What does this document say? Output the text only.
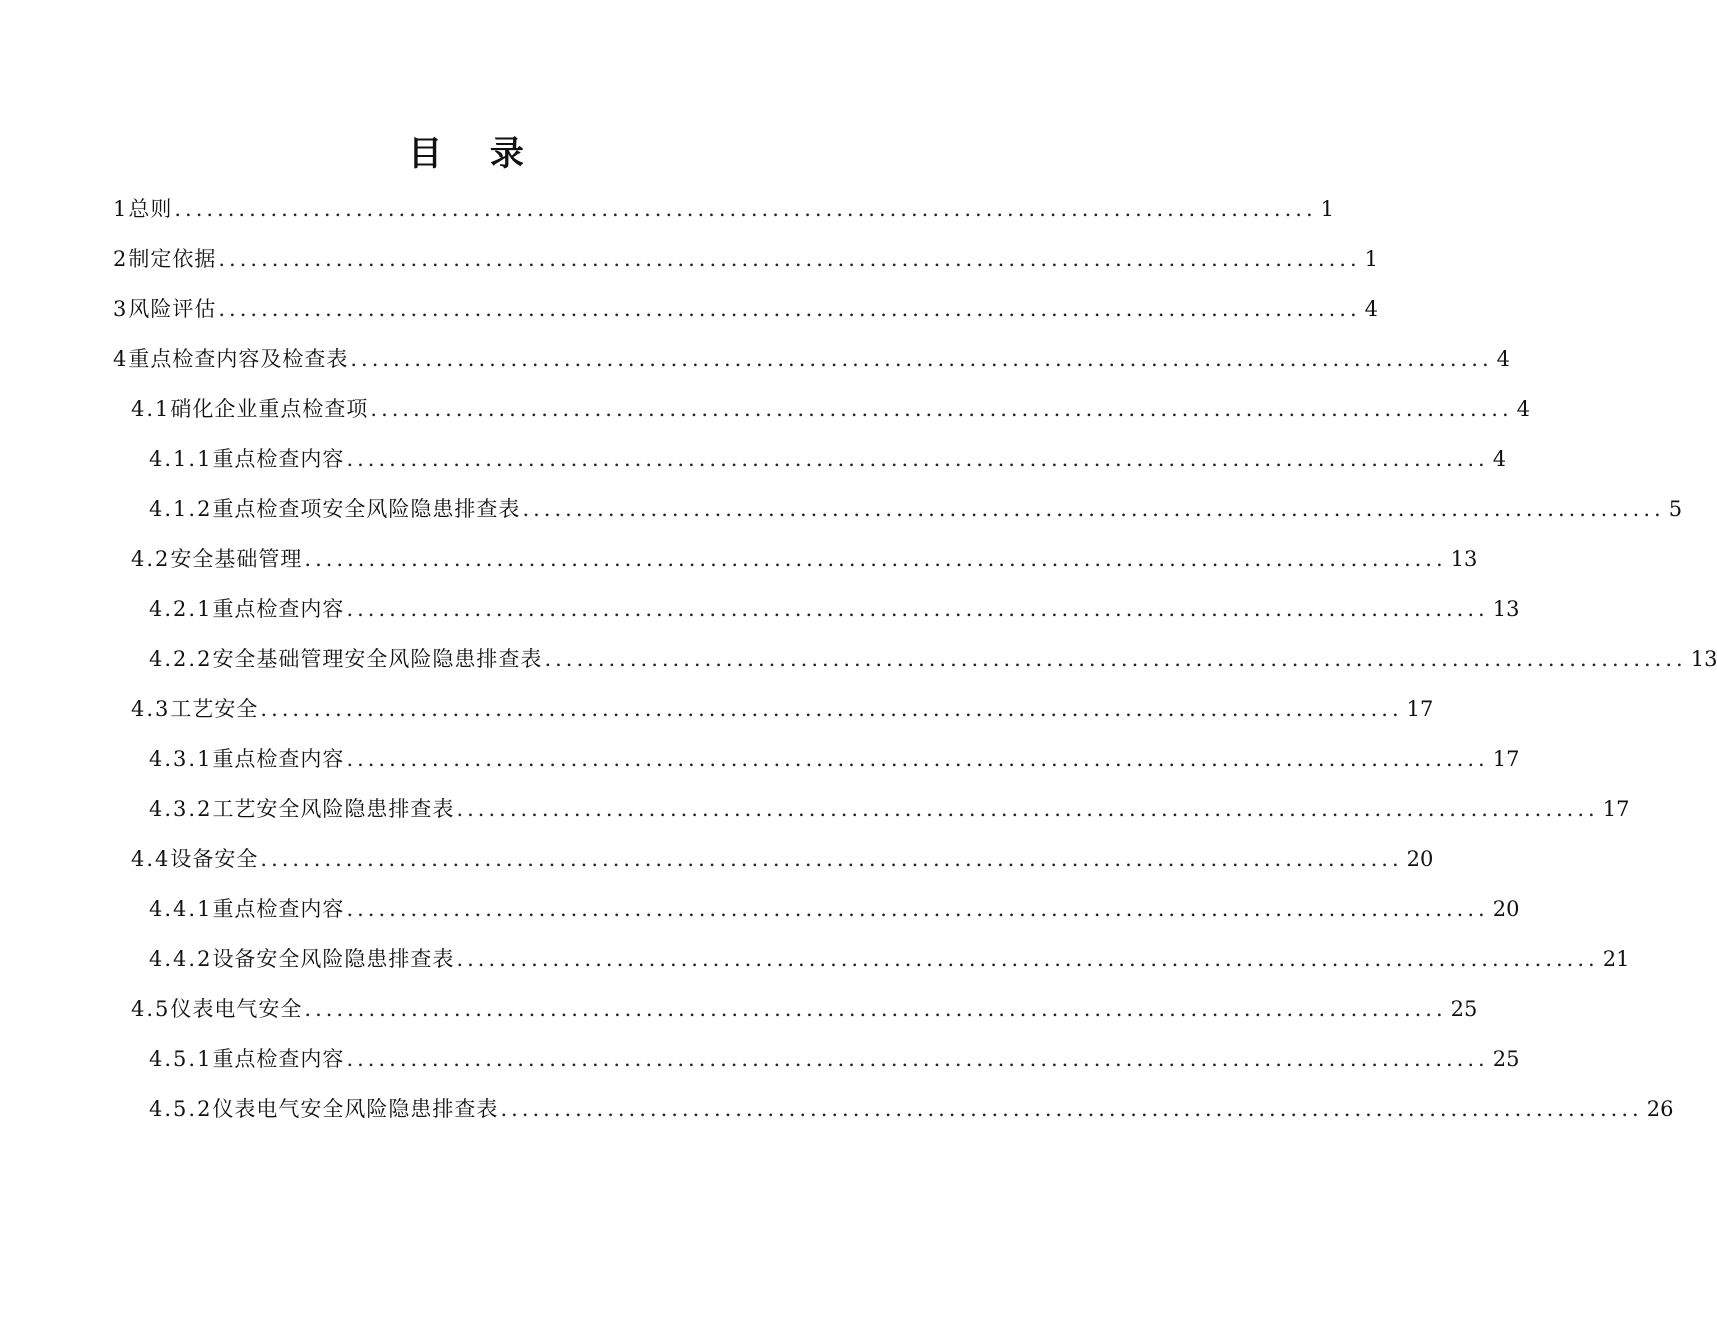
目 录
1 总则 ........................................................................................................... 1
2 制定依据 ........................................................................................................... 1
3 风险评估 ........................................................................................................... 4
4 重点检查内容及检查表 ........................................................................................................... 4
4.1 硝化企业重点检查项 ........................................................................................................... 4
4.1.1 重点检查内容 ........................................................................................................... 4
4.1.2 重点检查项安全风险隐患排查表 ........................................................................................................... 5
4.2 安全基础管理 ........................................................................................................... 13
4.2.1 重点检查内容 ........................................................................................................... 13
4.2.2 安全基础管理安全风险隐患排查表 ........................................................................................................... 13
4.3 工艺安全 ........................................................................................................... 17
4.3.1 重点检查内容 ........................................................................................................... 17
4.3.2 工艺安全风险隐患排查表 ........................................................................................................... 17
4.4 设备安全 ........................................................................................................... 20
4.4.1 重点检查内容 ........................................................................................................... 20
4.4.2 设备安全风险隐患排查表 ........................................................................................................... 21
4.5 仪表电气安全 ........................................................................................................... 25
4.5.1 重点检查内容 ........................................................................................................... 25
4.5.2 仪表电气安全风险隐患排查表 ........................................................................................................... 26
